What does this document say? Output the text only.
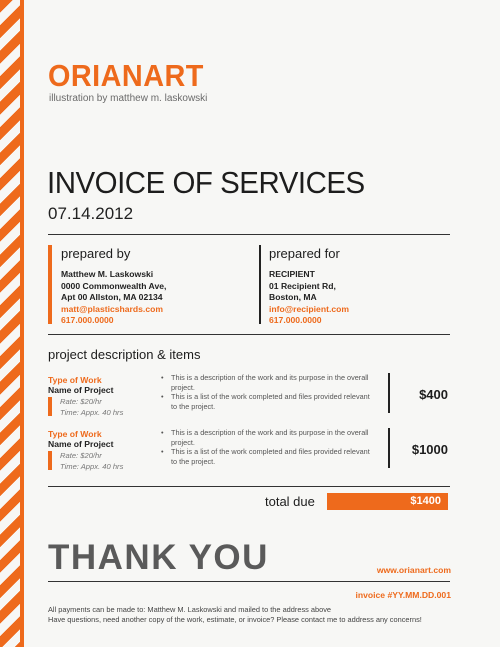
ORIANART
illustration by matthew m. laskowski
INVOICE OF SERVICES
07.14.2012
prepared by
Matthew M. Laskowski
0000 Commonwealth Ave,
Apt 00 Allston, MA 02134
matt@plasticshards.com
617.000.0000
prepared for
RECIPIENT
01 Recipient Rd,
Boston, MA
info@recipient.com
617.000.0000
project description & items
Type of Work
Name of Project
Rate: $20/hr
Time: Appx. 40 hrs
•	This is a description of the work and its purpose in the overall project.
•	This is a list of the work completed and files provided relevant to the project.
$400
Type of Work
Name of Project
Rate: $20/hr
Time: Appx. 40 hrs
•	This is a description of the work and its purpose in the overall project.
•	This is a list of the work completed and files provided relevant to the project.
$1000
total due	$1400
THANK YOU	www.orianart.com
invoice #YY.MM.DD.001
All payments can be made to: Matthew M. Laskowski and mailed to the address above
Have questions, need another copy of the work, estimate, or invoice? Please contact me to address any concerns!
